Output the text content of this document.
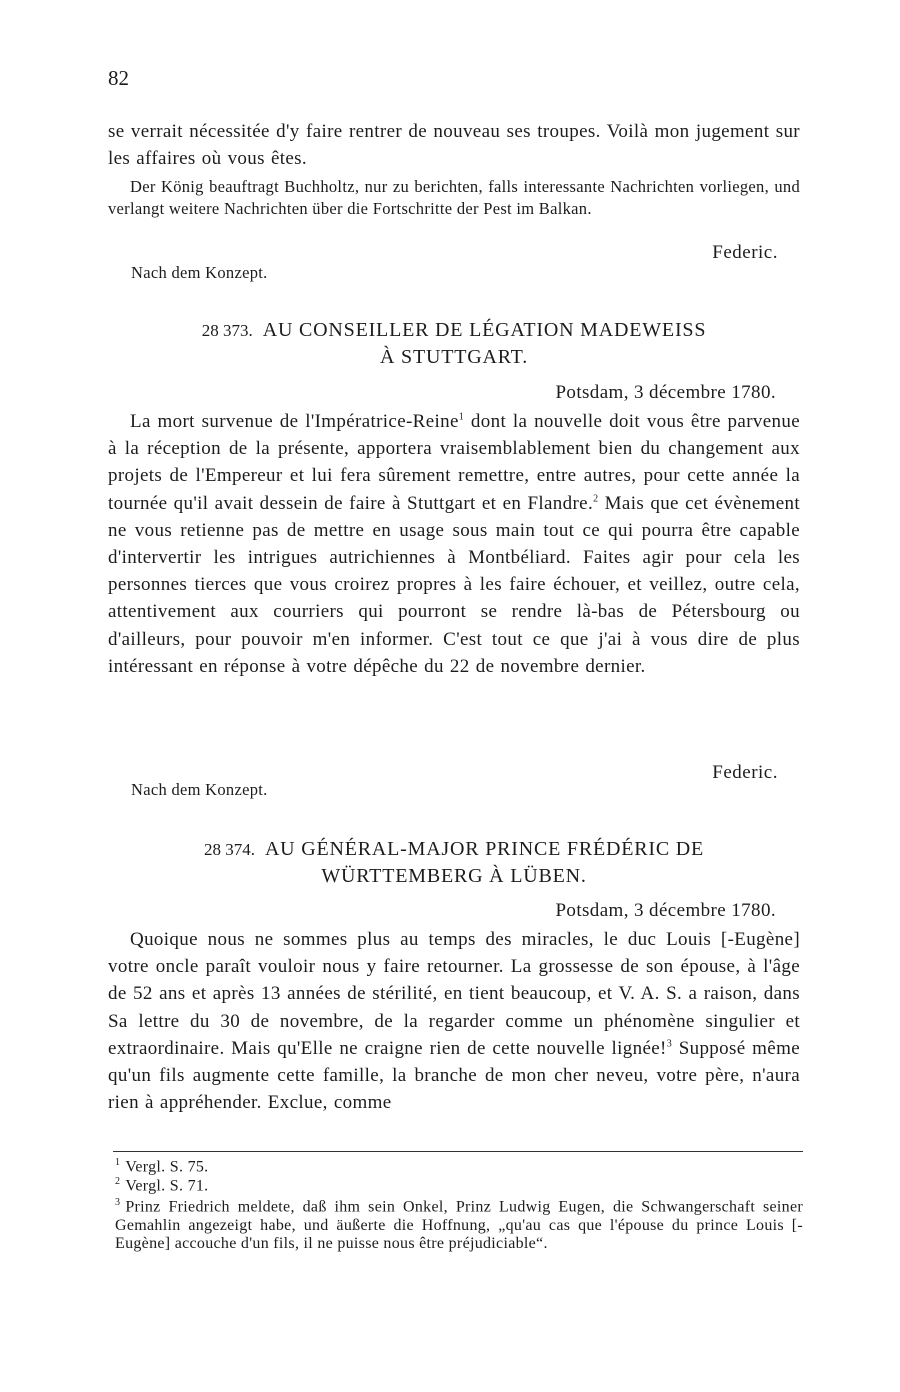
82

se verrait nécessitée d'y faire rentrer de nouveau ses troupes. Voilà mon jugement sur les affaires où vous êtes.

Der König beauftragt Buchholtz, nur zu berichten, falls interessante Nachrichten vorliegen, und verlangt weitere Nachrichten über die Fortschritte der Pest im Balkan.

Federic.
Nach dem Konzept.
28 373. AU CONSEILLER DE LÉGATION MADEWEISS
À STUTTGART.
Potsdam, 3 décembre 1780.

La mort survenue de l'Impératrice-Reine$^1$ dont la nouvelle doit vous être parvenue à la réception de la présente, apportera vraisemblablement bien du changement aux projets de l'Empereur et lui fera sûrement remettre, entre autres, pour cette année la tournée qu'il avait dessein de faire à Stuttgart et en Flandre.$^2$ Mais que cet évènement ne vous retienne pas de mettre en usage sous main tout ce qui pourra être capable d'intervertir les intrigues autrichiennes à Montbéliard. Faites agir pour cela les personnes tierces que vous croirez propres à les faire échouer, et veillez, outre cela, attentivement aux courriers qui pourront se rendre là-bas de Pétersbourg ou d'ailleurs, pour pouvoir m'en informer. C'est tout ce que j'ai à vous dire de plus intéressant en réponse à votre dépêche du 22 de novembre dernier.

Federic.
Nach dem Konzept.
28 374. AU GÉNÉRAL-MAJOR PRINCE FRÉDÉRIC DE
WÜRTTEMBERG À LÜBEN.
Potsdam, 3 décembre 1780.

Quoique nous ne sommes plus au temps des miracles, le duc Louis [-Eugène] votre oncle paraît vouloir nous y faire retourner. La grossesse de son épouse, à l'âge de 52 ans et après 13 années de stérilité, en tient beaucoup, et V. A. S. a raison, dans Sa lettre du 30 de novembre, de la regarder comme un phénomène singulier et extraordinaire. Mais qu'Elle ne craigne rien de cette nouvelle lignée!$^3$ Supposé même qu'un fils augmente cette famille, la branche de mon cher neveu, votre père, n'aura rien à appréhender. Exclue, comme

$^1$ Vergl. S. 75.

$^2$ Vergl. S. 71.

$^3$ Prinz Friedrich meldete, daß ihm sein Onkel, Prinz Ludwig Eugen, die Schwangerschaft seiner Gemahlin angezeigt habe, und äußerte die Hoffnung, „qu'au cas que l'épouse du prince Louis [-Eugène] accouche d'un fils, il ne puisse nous être préjudiciable“.
